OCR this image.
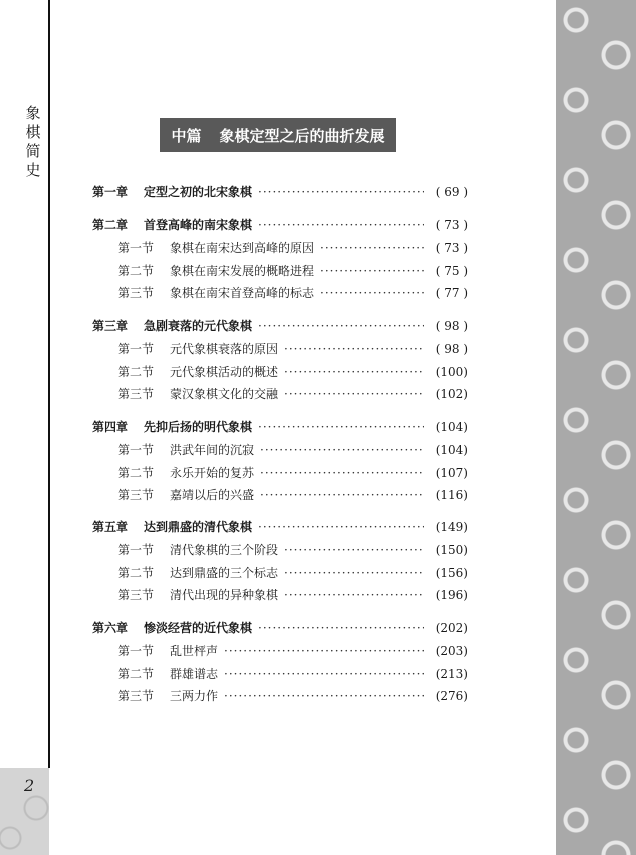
象
棋
简
史
2
中篇 象棋定型之后的曲折发展
第一章	定型之初的北宋象棋 ·····	( 69 )
第二章	首登高峰的南宋象棋 ·····	( 73 )
第一节	象棋在南宋达到高峰的原因 ·····	( 73 )
第二节	象棋在南宋发展的概略进程 ·····	( 75 )
第三节	象棋在南宋首登高峰的标志 ·····	( 77 )
第三章	急剧衰落的元代象棋 ·····	( 98 )
第一节	元代象棋衰落的原因 ·····	( 98 )
第二节	元代象棋活动的概述 ·····	(100)
第三节	蒙汉象棋文化的交融 ·····	(102)
第四章	先抑后扬的明代象棋 ·····	(104)
第一节	洪武年间的沉寂 ·····	(104)
第二节	永乐开始的复苏 ·····	(107)
第三节	嘉靖以后的兴盛 ·····	(116)
第五章	达到鼎盛的清代象棋 ·····	(149)
第一节	清代象棋的三个阶段 ·····	(150)
第二节	达到鼎盛的三个标志 ·····	(156)
第三节	清代出现的异种象棋 ·····	(196)
第六章	惨淡经营的近代象棋 ·····	(202)
第一节	乱世枰声 ·····	(203)
第二节	群雄谱志 ·····	(213)
第三节	三两力作 ·····	(276)
